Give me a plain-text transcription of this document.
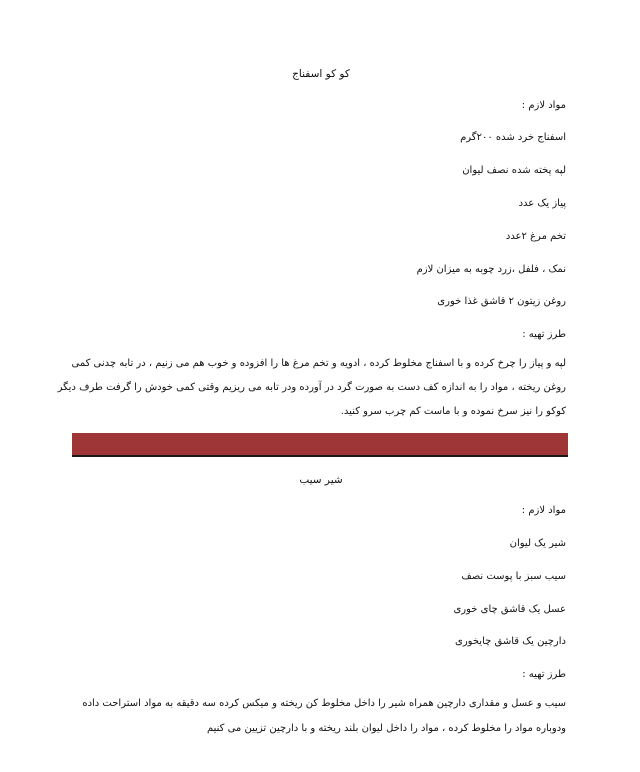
کو کو اسفناج
مواد لازم :
اسفناج خرد شده ۲۰۰گرم
لپه پخته شده نصف لیوان
پیاز یک عدد
تخم مرغ ۲عدد
نمک ، فلفل ،زرد چوبه به میزان لازم
روغن زیتون ۲ قاشق غذا خوری
طرز تهیه :
لپه و پیاز را چرخ کرده و با اسفناج مخلوط کرده ، ادویه و تخم مرغ ها را افزوده و خوب هم می زنیم ، در تابه چدنی کمی
روغن ریخته ، مواد را به اندازه کف دست به صورت گرد در آورده ودر تابه می ریزیم وقتی کمی خودش را گرفت طرف دیگر
کوکو را نیز سرخ نموده و با ماست کم چرب سرو کنید.
شیر سیب
مواد لازم :
شیر یک لیوان
سیب سبز با پوست نصف
عسل یک قاشق چای خوری
دارچین یک قاشق چایخوری
طرز تهیه :
سیب و عسل و مقداری دارچین همراه شیر را داخل مخلوط کن ریخته و میکس کرده سه دقیقه به مواد استراحت داده
ودوباره مواد را مخلوط کرده ، مواد را داخل لیوان بلند ریخته و با دارچین تزیین می کنیم
